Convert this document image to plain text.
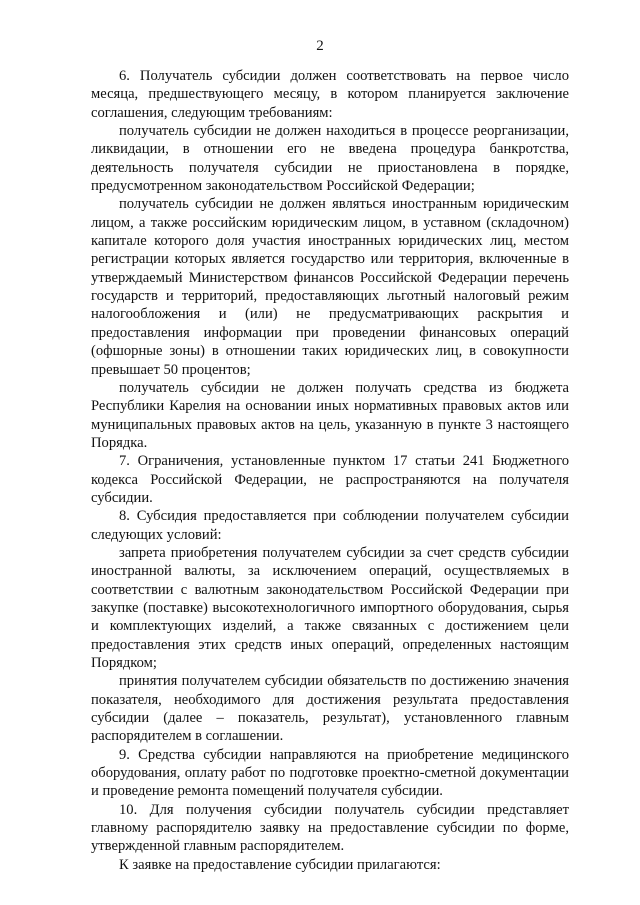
2

6. Получатель субсидии должен соответствовать на первое число месяца, предшествующего месяцу, в котором планируется заключение соглашения, следующим требованиям:

получатель субсидии не должен находиться в процессе реорганизации, ликвидации, в отношении его не введена процедура банкротства, деятельность получателя субсидии не приостановлена в порядке, предусмотренном законодательством Российской Федерации;

получатель субсидии не должен являться иностранным юридическим лицом, а также российским юридическим лицом, в уставном (складочном) капитале которого доля участия иностранных юридических лиц, местом регистрации которых является государство или территория, включенные в утверждаемый Министерством финансов Российской Федерации перечень государств и территорий, предоставляющих льготный налоговый режим налогообложения и (или) не предусматривающих раскрытия и предоставления информации при проведении финансовых операций (офшорные зоны) в отношении таких юридических лиц, в совокупности превышает 50 процентов;

получатель субсидии не должен получать средства из бюджета Республики Карелия на основании иных нормативных правовых актов или муниципальных правовых актов на цель, указанную в пункте 3 настоящего Порядка.

7. Ограничения, установленные пунктом 17 статьи 241 Бюджетного кодекса Российской Федерации, не распространяются на получателя субсидии.

8. Субсидия предоставляется при соблюдении получателем субсидии следующих условий:

запрета приобретения получателем субсидии за счет средств субсидии иностранной валюты, за исключением операций, осуществляемых в соответствии с валютным законодательством Российской Федерации при закупке (поставке) высокотехнологичного импортного оборудования, сырья и комплектующих изделий, а также связанных с достижением цели предоставления этих средств иных операций, определенных настоящим Порядком;

принятия получателем субсидии обязательств по достижению значения показателя, необходимого для достижения результата предоставления субсидии (далее – показатель, результат), установленного главным распорядителем в соглашении.

9. Средства субсидии направляются на приобретение медицинского оборудования, оплату работ по подготовке проектно-сметной документации и проведение ремонта помещений получателя субсидии.

10. Для получения субсидии получатель субсидии представляет главному распорядителю заявку на предоставление субсидии по форме, утвержденной главным распорядителем.

К заявке на предоставление субсидии прилагаются:
